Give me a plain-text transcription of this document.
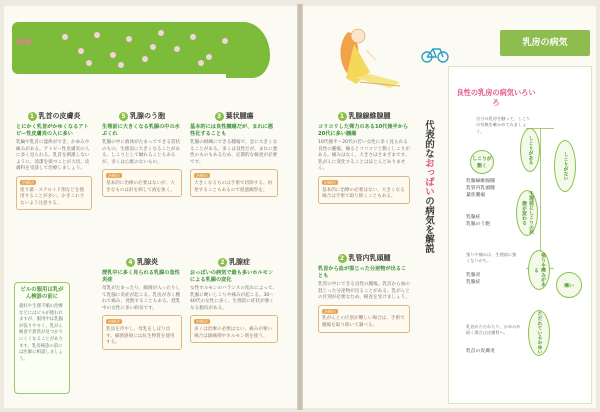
✿❀
1 乳首の皮膚炎
とにかく乳首がかゆくなるアトピー性皮膚炎の人に多い
乳輪や乳首に湿疹ができ、かゆみや痛みがある。アトピー性皮膚炎の人に多く見られる。乳首を刺激しないように、清潔を保つことが大切。皮膚科を受診して治療しましょう。
治療法
塗り薬・ステロイド剤などを使用することが多い。かきこわさないよう注意する。
5 乳腺のう胞
生理前に大きくなる乳腺の中の水ぶくれ
乳腺の中に液体がたまってできる袋状のもの。生理前に大きくなることがある。しこりとして触れることもあるが、多くは心配のないもの。
治療法
基本的に治療の必要はないが、大きなものは針を刺して液を抜く。
3 葉状腫瘍
基本的には良性腫瘍だが、まれに悪性化することも
乳腺の組織にできる腫瘍で、急に大きくなることがある。多くは良性だが、まれに悪性のものもあるため、定期的な検査が必要です。
治療法
大きくなるものは手術で切除する。再発することもあるので経過観察を。
ピルの服用は乳がん検診の前に
避妊や生理不順の治療などにはピルが使われますが、服用中は乳腺が張りやすく、乳がん検査で異常が見つかりにくくなることがあります。乳房検診の前には医師に相談しましょう。
4 乳腺炎
授乳中に多く見られる乳腺の急性炎症
母乳がたまったり、細菌が入ったりして乳腺に炎症が起こる。乳房が赤く腫れて痛み、発熱することもある。授乳中の女性に多い病気です。
治療法
乳房を冷やし、母乳をしぼり出す。細菌感染には抗生物質を使用する。
2 乳腺症
おっぱいの病気で最も多いホルモンによる乳腺の変化
女性ホルモンのバランスの乱れによって、乳腺に硬いしこりや痛みが起こる。30〜40代の女性に多く、生理前に症状が強くなる傾向がある。
治療法
多くは治療の必要はない。痛みが強い場合は鎮痛剤やホルモン剤を使う。
1 乳腺線維腺腫
コリコリした弾力のある10代後半から20代に多い腫瘍
10代後半〜20代の若い女性に多く見られる良性の腫瘍。触るとコリコリと動くしこりがある。痛みはなく、大きさはさまざまです。乳がんに変化することはほとんどありません。
治療法
基本的に治療の必要はない。大きくなる場合は手術で取り除くこともある。
2 乳管内乳頭腫
乳首から血が混じった分泌物が出ることも
乳管の中にできる良性の腫瘍。乳首から血の混じった分泌物が出ることがある。乳がんとの区別が必要なため、検査を受けましょう。
治療法
乳がんとの区別が難しい場合は、手術で腫瘍を取り除いて調べる。
代表的なおっぱいの病気を解説
乳房の病気
良性の乳房の病気いろいろ
自分の乳房を触って、しこりの有無を確かめてみましょう。
しこりがある
しこりがない
しこりが動く
乳腺線維腺腫
乳管内乳頭腫
葉状腫瘍	生理前にしこりの状態が変わる
乳腺症
乳腺のう胞
張りや痛みは、生理前に強くなりがち。	張りや痛みがある
乳腺炎
乳腺症
痛い
ただれているかゆい
乳首がただれたり、かゆみが続く場合は皮膚科へ。
乳首の皮膚炎
